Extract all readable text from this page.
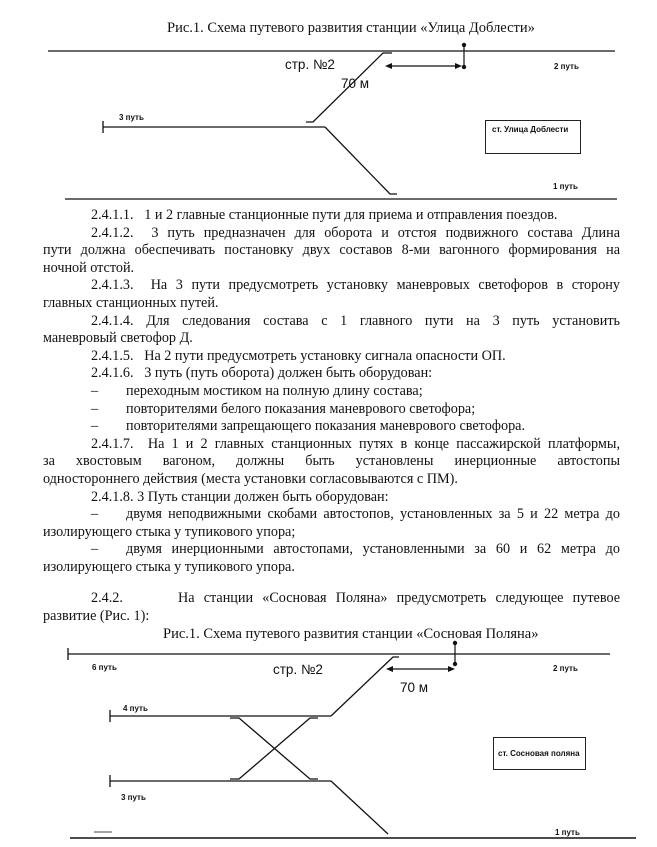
Рис.1. Схема путевого развития станции «Улица Доблести»
стр. №2
70 м
2 путь
3 путь
1 путь
ст. Улица Доблести
2.4.1.1. 1 и 2 главные станционные пути для приема и отправления поездов.
2.4.1.2. 3 путь предназначен для оборота и отстоя подвижного состава Длина
пути должна обеспечивать постановку двух составов 8-ми вагонного формирования на
ночной отстой.
2.4.1.3. На 3 пути предусмотреть установку маневровых светофоров в сторону
главных станционных путей.
2.4.1.4. Для следования состава с 1 главного пути на 3 путь установить
маневровый светофор Д.
2.4.1.5. На 2 пути предусмотреть установку сигнала опасности ОП.
2.4.1.6. 3 путь (путь оборота) должен быть оборудован:
– переходным мостиком на полную длину состава;
– повторителями белого показания маневрового светофора;
– повторителями запрещающего показания маневрового светофора.
2.4.1.7. На 1 и 2 главных станционных путях в конце пассажирской платформы,
за хвостовым вагоном, должны быть установлены инерционные автостопы
одностороннего действия (места установки согласовываются с ПМ).
2.4.1.8. 3 Путь станции должен быть оборудован:
– двумя неподвижными скобами автостопов, установленных за 5 и 22 метра до
изолирующего стыка у тупикового упора;
– двумя инерционными автостопами, установленными за 60 и 62 метра до
изолирующего стыка у тупикового упора.
2.4.2.	На станции «Сосновая Поляна» предусмотреть следующее путевое
развитие (Рис. 1):
Рис.1. Схема путевого развития станции «Сосновая Поляна»
6 путь	стр. №2	2 путь
70 м
4 путь
3 путь
1 путь
ст. Сосновая поляна
